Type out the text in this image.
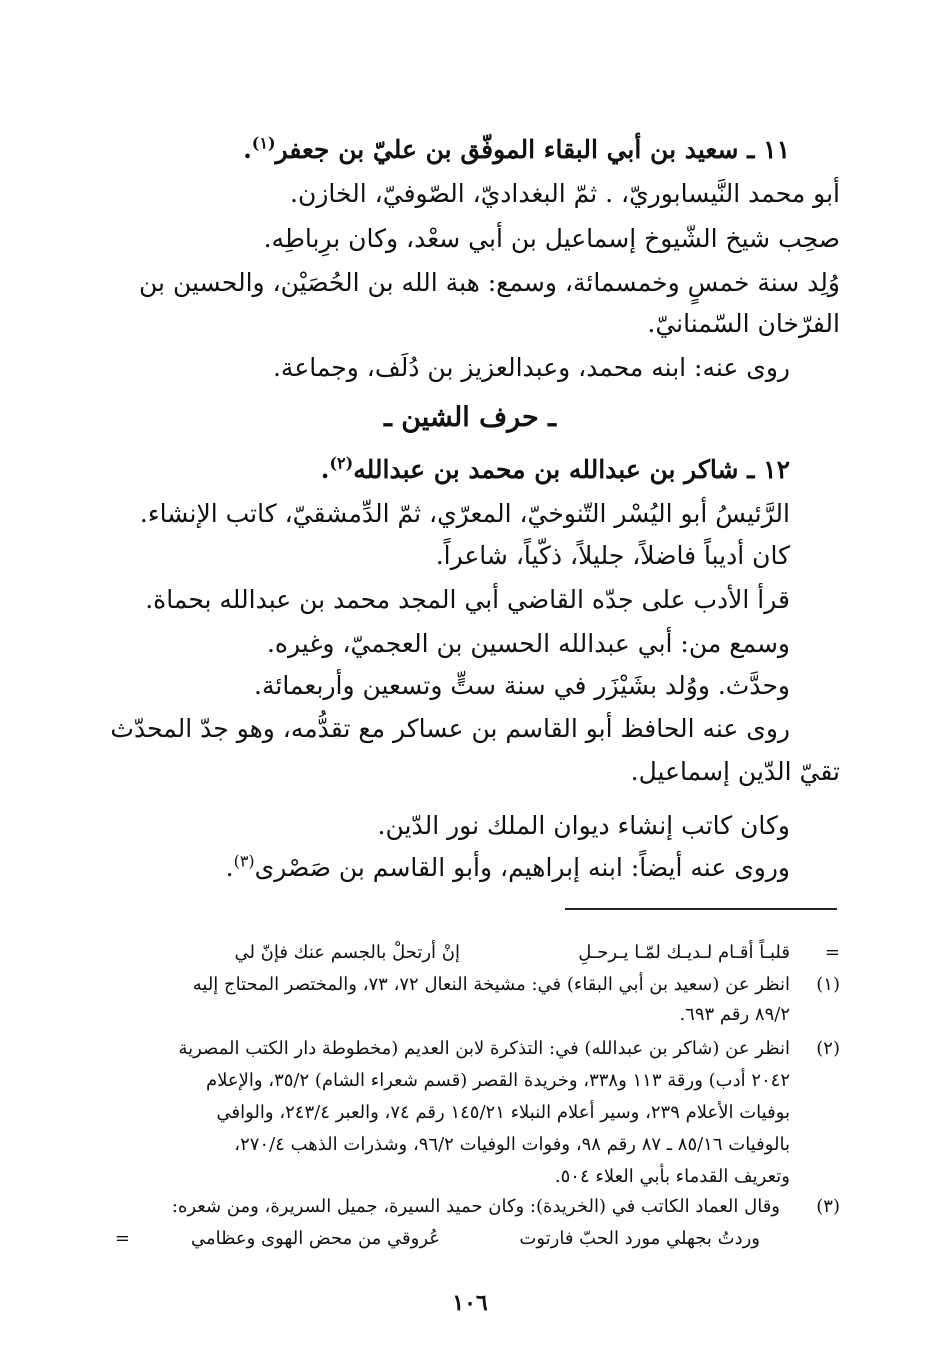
١١ ـ سعيد بن أبي البقاء الموفّق بن عليّ بن جعفر$^{(١)}$.
أبو محمد النَّيسابوريّ، . ثمّ البغداديّ، الصّوفيّ، الخازن.
صحِب شيخ الشّيوخ إسماعيل بن أبي سعْد، وكان برِباطِه.
وُلِد سنة خمسٍ وخمسمائة، وسمع: هبة الله بن الحُصَيْن، والحسين بن
الفرّخان السّمنانيّ.
روى عنه: ابنه محمد، وعبدالعزيز بن دُلَف، وجماعة.
ـ حرف الشين ـ
١٢ ـ شاكر بن عبدالله بن محمد بن عبدالله$^{(٢)}$.
الرَّئيسُ أبو اليُسْر التّنوخيّ، المعرّي، ثمّ الدِّمشقيّ، كاتب الإنشاء.
كان أديباً فاضلاً، جليلاً، ذكّياً، شاعراً.
قرأ الأدب على جدّه القاضي أبي المجد محمد بن عبدالله بحماة.
وسمع من: أبي عبدالله الحسين بن العجميّ، وغيره.
وحدَّث. ووُلد بشَيْزَر في سنة ستٍّ وتسعين وأربعمائة.
روى عنه الحافظ أبو القاسم بن عساكر مع تقدُّمه، وهو جدّ المحدّث
تقيّ الدّين إسماعيل.
وكان كاتب إنشاء ديوان الملك نور الدّين.
وروى عنه أيضاً: ابنه إبراهيم، وأبو القاسم بن صَصْرى$^{(٣)}$.
=
قلبـاً أقـام لـديـك لمّـا يـرحـلِ
إنْ أرتحلْ بالجسم عنك فإنّ لي
(١)
انظر عن (سعيد بن أبي البقاء) في: مشيخة النعال ٧٢، ٧٣، والمختصر المحتاج إليه
٨٩/٢ رقم ٦٩٣.
(٢)
انظر عن (شاكر بن عبدالله) في: التذكرة لابن العديم (مخطوطة دار الكتب المصرية
٢٠٤٢ أدب) ورقة ١١٣ و٣٣٨، وخريدة القصر (قسم شعراء الشام) ٣٥/٢، والإعلام
بوفيات الأعلام ٢٣٩، وسير أعلام النبلاء ١٤٥/٢١ رقم ٧٤، والعبر ٢٤٣/٤، والوافي
بالوفيات ٨٥/١٦ ـ ٨٧ رقم ٩٨، وفوات الوفيات ٩٦/٢، وشذرات الذهب ٢٧٠/٤،
وتعريف القدماء بأبي العلاء ٥٠٤.
(٣)
وقال العماد الكاتب في (الخريدة): وكان حميد السيرة، جميل السريرة، ومن شعره:
وردتُ بجهلي مورد الحبّ فارتوت
عُروقي من محض الهوى وعظامي
=
١٠٦
